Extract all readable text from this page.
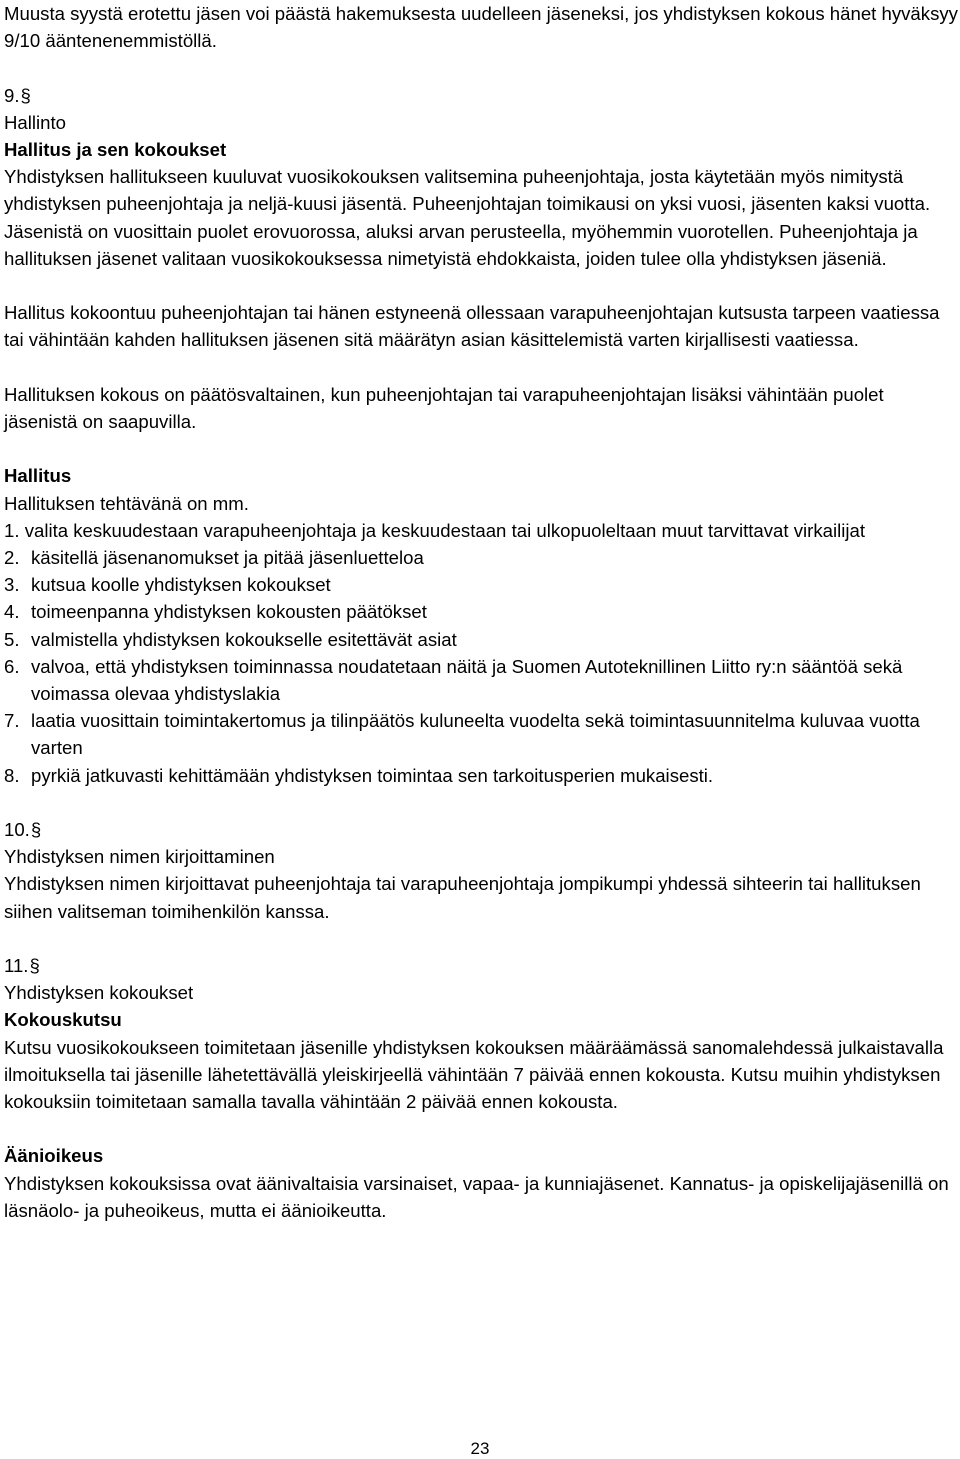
Muusta syystä erotettu jäsen voi päästä hakemuksesta uudelleen jäseneksi, jos yhdistyksen kokous hänet hyväksyy 9/10 ääntenenemmistöllä.

9.§

Hallinto

Hallitus ja sen kokoukset

Yhdistyksen hallitukseen kuuluvat vuosikokouksen valitsemina puheenjohtaja, josta käytetään myös nimitystä yhdistyksen puheenjohtaja ja neljä-kuusi jäsentä. Puheenjohtajan toimikausi on yksi vuosi, jäsenten kaksi vuotta. Jäsenistä on vuosittain puolet erovuorossa, aluksi arvan perusteella, myöhemmin vuorotellen. Puheenjohtaja ja hallituksen jäsenet valitaan vuosikokouksessa nimetyistä ehdokkaista, joiden tulee olla yhdistyksen jäseniä.

Hallitus kokoontuu puheenjohtajan tai hänen estyneenä ollessaan varapuheenjohtajan kutsusta tarpeen vaatiessa tai vähintään kahden hallituksen jäsenen sitä määrätyn asian käsittelemistä varten kirjallisesti vaatiessa.

Hallituksen kokous on päätösvaltainen, kun puheenjohtajan tai varapuheenjohtajan lisäksi vähintään puolet jäsenistä on saapuvilla.

Hallitus

Hallituksen tehtävänä on mm.

1. valita keskuudestaan varapuheenjohtaja ja keskuudestaan tai ulkopuoleltaan muut tarvittavat virkailijat
2. käsitellä jäsenanomukset ja pitää jäsenluetteloa
3. kutsua koolle yhdistyksen kokoukset
4. toimeenpanna yhdistyksen kokousten päätökset
5. valmistella yhdistyksen kokoukselle esitettävät asiat
6. valvoa, että yhdistyksen toiminnassa noudatetaan näitä ja Suomen Autoteknillinen Liitto ry:n sääntöä sekä voimassa olevaa yhdistyslakia
7. laatia vuosittain toimintakertomus ja tilinpäätös kuluneelta vuodelta sekä toimintasuunnitelma kuluvaa vuotta varten
8. pyrkiä jatkuvasti kehittämään yhdistyksen toimintaa sen tarkoitusperien mukaisesti.

10.§

Yhdistyksen nimen kirjoittaminen

Yhdistyksen nimen kirjoittavat puheenjohtaja tai varapuheenjohtaja jompikumpi yhdessä sihteerin tai hallituksen siihen valitseman toimihenkilön kanssa.

11.§

Yhdistyksen kokoukset

Kokouskutsu

Kutsu vuosikokoukseen toimitetaan jäsenille yhdistyksen kokouksen määräämässä sanomalehdessä julkaistavalla ilmoituksella tai jäsenille lähetettävällä yleiskirjeellä vähintään 7 päivää ennen kokousta. Kutsu muihin yhdistyksen kokouksiin toimitetaan samalla tavalla vähintään 2 päivää ennen kokousta.

Äänioikeus

Yhdistyksen kokouksissa ovat äänivaltaisia varsinaiset, vapaa- ja kunniajäsenet. Kannatus- ja opiskelijajäsenillä on läsnäolo- ja puheoikeus, mutta ei äänioikeutta.

23
